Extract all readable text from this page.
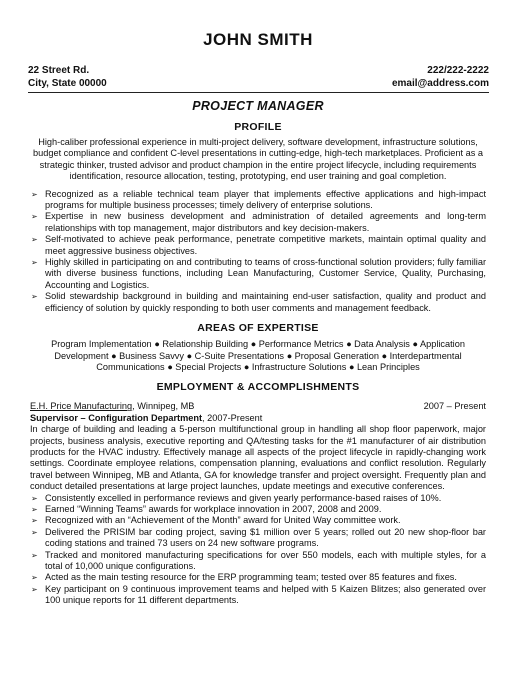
JOHN SMITH
22 Street Rd.
City, State 00000
222/222-2222
email@address.com
PROJECT MANAGER
PROFILE
High-caliber professional experience in multi-project delivery, software development, infrastructure solutions, budget compliance and confident C-level presentations in cutting-edge, high-tech marketplaces. Proficient as a strategic thinker, trusted advisor and product champion in the entire project lifecycle, including requirements identification, resource allocation, testing, prototyping, end user training and goal completion.
➢ Recognized as a reliable technical team player that implements effective applications and high-impact programs for multiple business processes; timely delivery of enterprise solutions.
➢ Expertise in new business development and administration of detailed agreements and long-term relationships with top management, major distributors and key decision-makers.
➢ Self-motivated to achieve peak performance, penetrate competitive markets, maintain optimal quality and meet aggressive business objectives.
➢ Highly skilled in participating on and contributing to teams of cross-functional solution providers; fully familiar with diverse business functions, including Lean Manufacturing, Customer Service, Quality, Purchasing, Accounting and Logistics.
➢ Solid stewardship background in building and maintaining end-user satisfaction, quality and product and efficiency of solution by quickly responding to both user comments and management feedback.
AREAS OF EXPERTISE
Program Implementation ● Relationship Building ● Performance Metrics ● Data Analysis ● Application Development ● Business Savvy ● C-Suite Presentations ● Proposal Generation ● Interdepartmental Communications ● Special Projects ● Infrastructure Solutions ● Lean Principles
EMPLOYMENT & ACCOMPLISHMENTS
E.H. Price Manufacturing, Winnipeg, MB	2007 – Present
Supervisor – Configuration Department, 2007-Present
In charge of building and leading a 5-person multifunctional group in handling all shop floor paperwork, major projects, business analysis, executive reporting and QA/testing tasks for the #1 manufacturer of air distribution products for the HVAC industry. Effectively manage all aspects of the project lifecycle in rapidly-changing work settings. Coordinate employee relations, compensation planning, evaluations and conflict resolution. Regularly travel between Winnipeg, MB and Atlanta, GA for knowledge transfer and project oversight. Frequently plan and conduct detailed presentations at large project launches, update meetings and executive conferences.
➢ Consistently excelled in performance reviews and given yearly performance-based raises of 10%.
➢ Earned “Winning Teams” awards for workplace innovation in 2007, 2008 and 2009.
➢ Recognized with an “Achievement of the Month” award for United Way committee work.
➢ Delivered the PRISIM bar coding project, saving $1 million over 5 years; rolled out 20 new shop-floor bar coding stations and trained 73 users on 24 new software programs.
➢ Tracked and monitored manufacturing specifications for over 550 models, each with multiple styles, for a total of 10,000 unique configurations.
➢ Acted as the main testing resource for the ERP programming team; tested over 85 features and fixes.
➢ Key participant on 9 continuous improvement teams and helped with 5 Kaizen Blitzes; also generated over 100 unique reports for 11 different departments.
